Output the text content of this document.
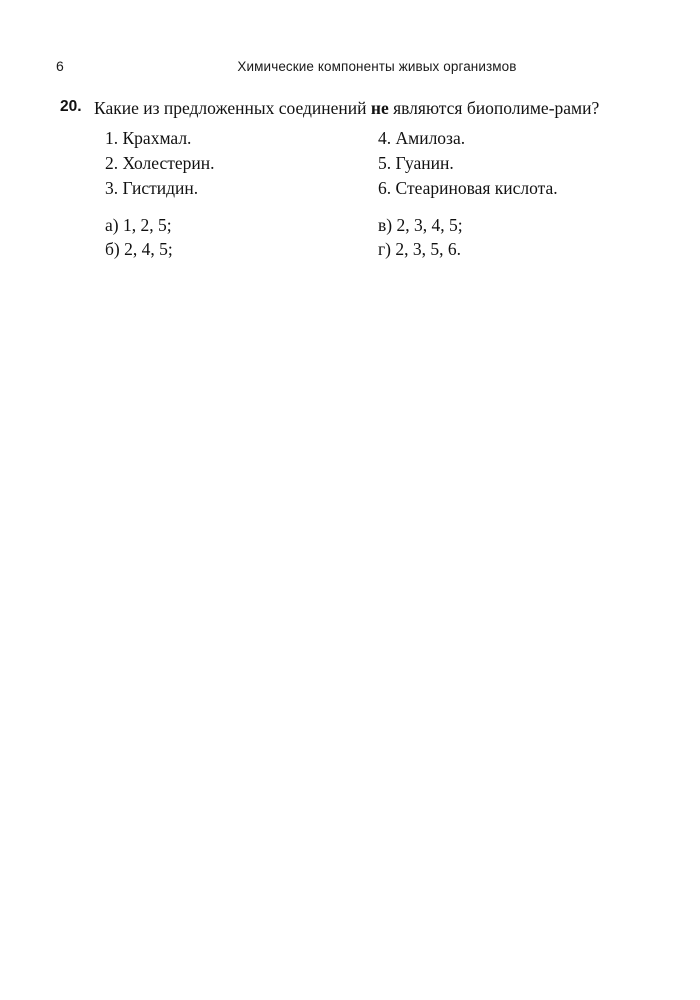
6	Химические компоненты живых организмов
20. Какие из предложенных соединений не являются биополиме-рами?
1. Крахмал.	4. Амилоза.
2. Холестерин.	5. Гуанин.
3. Гистидин.	6. Стеариновая кислота.
а) 1, 2, 5;	в) 2, 3, 4, 5;
б) 2, 4, 5;	г) 2, 3, 5, 6.
